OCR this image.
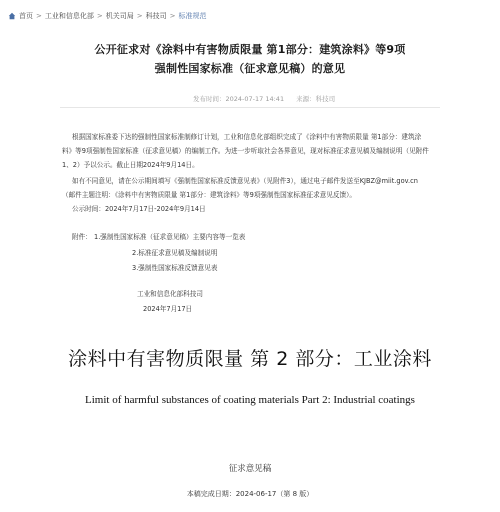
首页 > 工业和信息化部 > 机关司局 > 科技司 > 标准规范
公开征求对《涂料中有害物质限量 第1部分：建筑涂料》等9项
强制性国家标准（征求意见稿）的意见
发布时间：2024-07-17 14:41 来源：科技司
根据国家标准委下达的强制性国家标准制修订计划，工业和信息化部组织完成了《涂料中有害物质限量 第1部分：建筑涂
料》等9项强制性国家标准（征求意见稿）的编制工作。为进一步听取社会各界意见，现对标准征求意见稿及编制说明（见附件
1、2）予以公示。截止日期2024年9月14日。
如有不同意见，请在公示期间填写《强制性国家标准反馈意见表》（见附件3），通过电子邮件发送至KJBZ@miit.gov.cn
（邮件主题注明：《涂料中有害物质限量 第1部分：建筑涂料》等9项强制性国家标准征求意见反馈）。
公示时间：2024年7月17日-2024年9月14日
附件： 1.强制性国家标准（征求意见稿）主要内容等一览表
2.标准征求意见稿及编制说明
3.强制性国家标准反馈意见表
工业和信息化部科技司
2024年7月17日
涂料中有害物质限量 第 2 部分：工业涂料
Limit of harmful substances of coating materials Part 2: Industrial coatings
征求意见稿
本稿完成日期：2024-06-17（第 8 版）
